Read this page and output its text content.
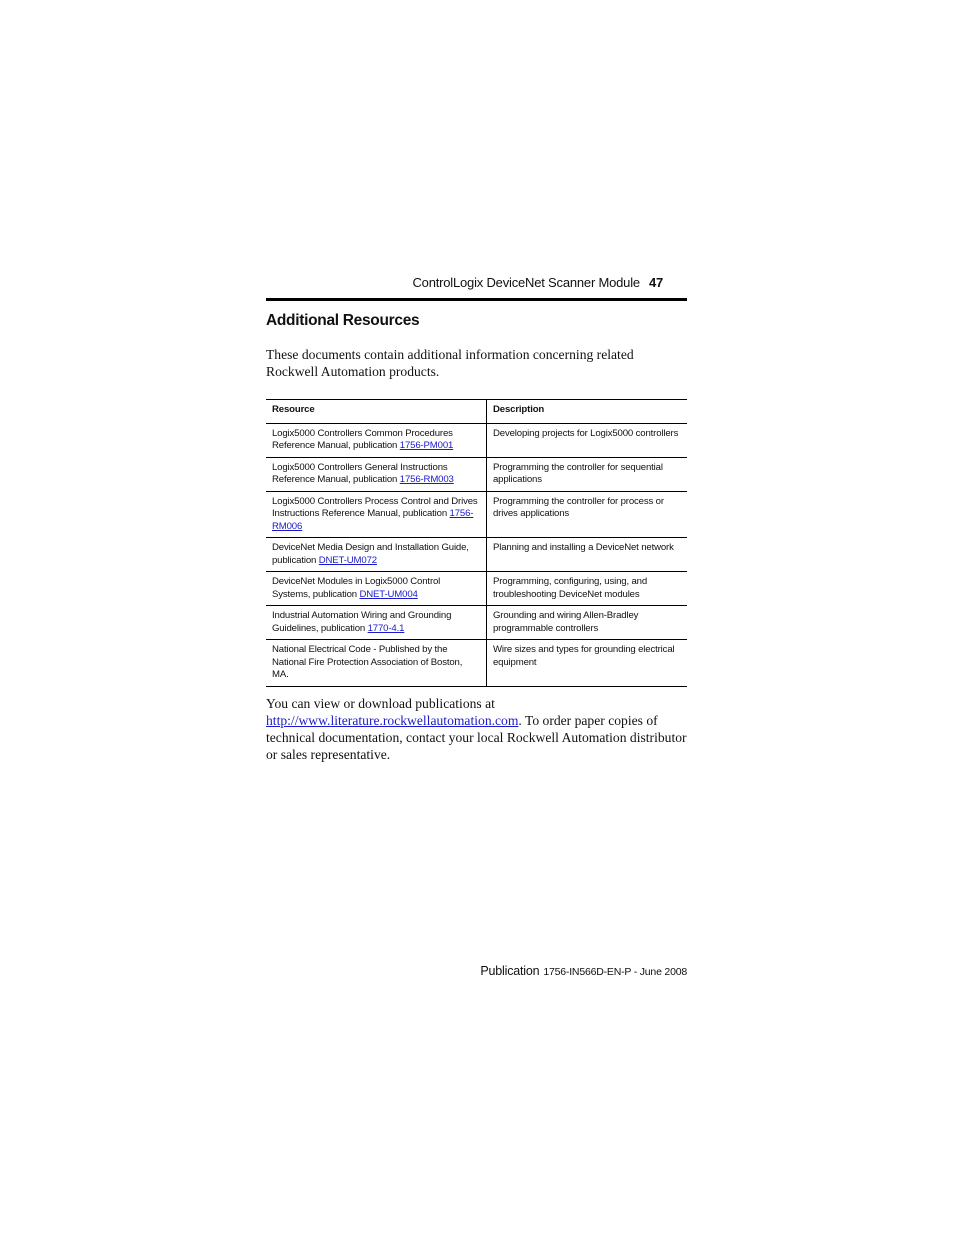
ControlLogix DeviceNet Scanner Module 47
Additional Resources

These documents contain additional information concerning related Rockwell Automation products.

Resource	Description
Logix5000 Controllers Common Procedures Reference Manual, publication 1756-PM001	Developing projects for Logix5000 controllers
Logix5000 Controllers General Instructions Reference Manual, publication 1756-RM003	Programming the controller for sequential applications
Logix5000 Controllers Process Control and Drives Instructions Reference Manual, publication 1756-RM006	Programming the controller for process or drives applications
DeviceNet Media Design and Installation Guide, publication DNET-UM072	Planning and installing a DeviceNet network
DeviceNet Modules in Logix5000 Control Systems, publication DNET-UM004	Programming, configuring, using, and troubleshooting DeviceNet modules
Industrial Automation Wiring and Grounding Guidelines, publication 1770-4.1	Grounding and wiring Allen-Bradley programmable controllers
National Electrical Code - Published by the National Fire Protection Association of Boston, MA.	Wire sizes and types for grounding electrical equipment

You can view or download publications at http://www.literature.rockwellautomation.com. To order paper copies of technical documentation, contact your local Rockwell Automation distributor or sales representative.

Publication 1756-IN566D-EN-P - June 2008
